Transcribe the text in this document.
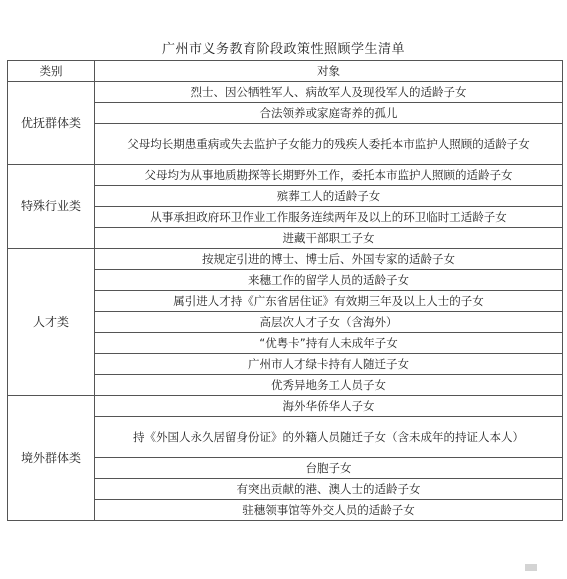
广州市义务教育阶段政策性照顾学生清单
类别	对象
优抚群体类	烈士、因公牺牲军人、病故军人及现役军人的适龄子女
	合法领养或家庭寄养的孤儿
	父母均长期患重病或失去监护子女能力的残疾人委托本市监护人照顾的适龄子女
特殊行业类	父母均为从事地质勘探等长期野外工作，委托本市监护人照顾的适龄子女
	殡葬工人的适龄子女
	从事承担政府环卫作业工作服务连续两年及以上的环卫临时工适龄子女
	进藏干部职工子女
人才类	按规定引进的博士、博士后、外国专家的适龄子女
	来穗工作的留学人员的适龄子女
	属引进人才持《广东省居住证》有效期三年及以上人士的子女
	高层次人才子女（含海外）
	“优粤卡”持有人未成年子女
	广州市人才绿卡持有人随迁子女
	优秀异地务工人员子女
境外群体类	海外华侨华人子女
	持《外国人永久居留身份证》的外籍人员随迁子女（含未成年的持证人本人）
	台胞子女
	有突出贡献的港、澳人士的适龄子女
	驻穗领事馆等外交人员的适龄子女
